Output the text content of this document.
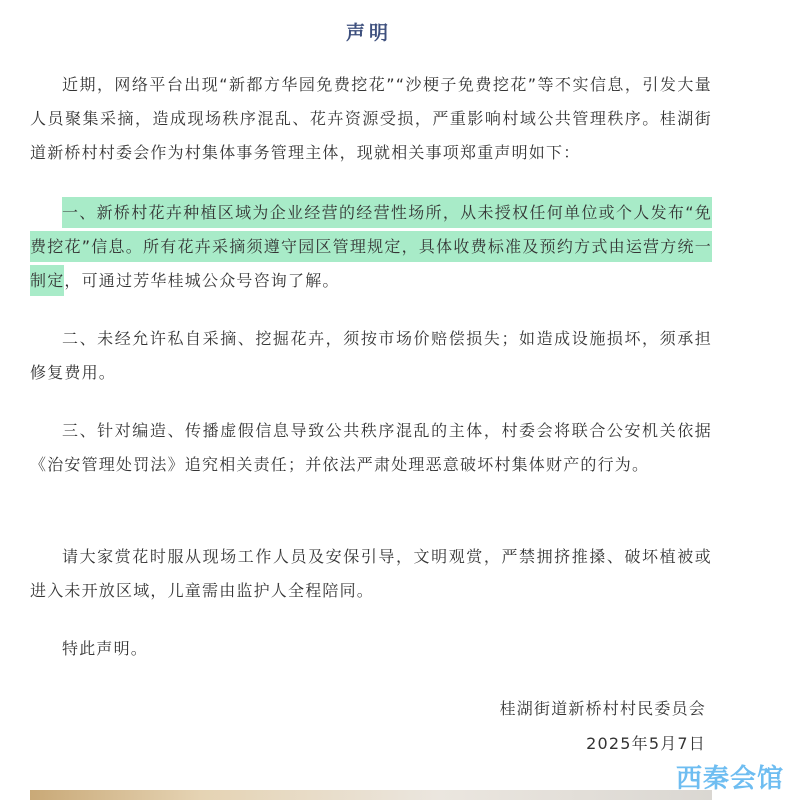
声明

近期，网络平台出现“新都方华园免费挖花”“沙梗子免费挖花”等不实信息，引发大量人员聚集采摘，造成现场秩序混乱、花卉资源受损，严重影响村域公共管理秩序。桂湖街道新桥村村委会作为村集体事务管理主体，现就相关事项郑重声明如下：

一、新桥村花卉种植区域为企业经营的经营性场所，从未授权任何单位或个人发布“免费挖花”信息。所有花卉采摘须遵守园区管理规定，具体收费标准及预约方式由运营方统一制定，可通过芳华桂城公众号咨询了解。

二、未经允许私自采摘、挖掘花卉，须按市场价赔偿损失；如造成设施损坏，须承担修复费用。

三、针对编造、传播虚假信息导致公共秩序混乱的主体，村委会将联合公安机关依据《治安管理处罚法》追究相关责任；并依法严肃处理恶意破坏村集体财产的行为。

请大家赏花时服从现场工作人员及安保引导，文明观赏，严禁拥挤推搡、破坏植被或进入未开放区域，儿童需由监护人全程陪同。

特此声明。

桂湖街道新桥村村民委员会
2025年5月7日
西秦会馆
